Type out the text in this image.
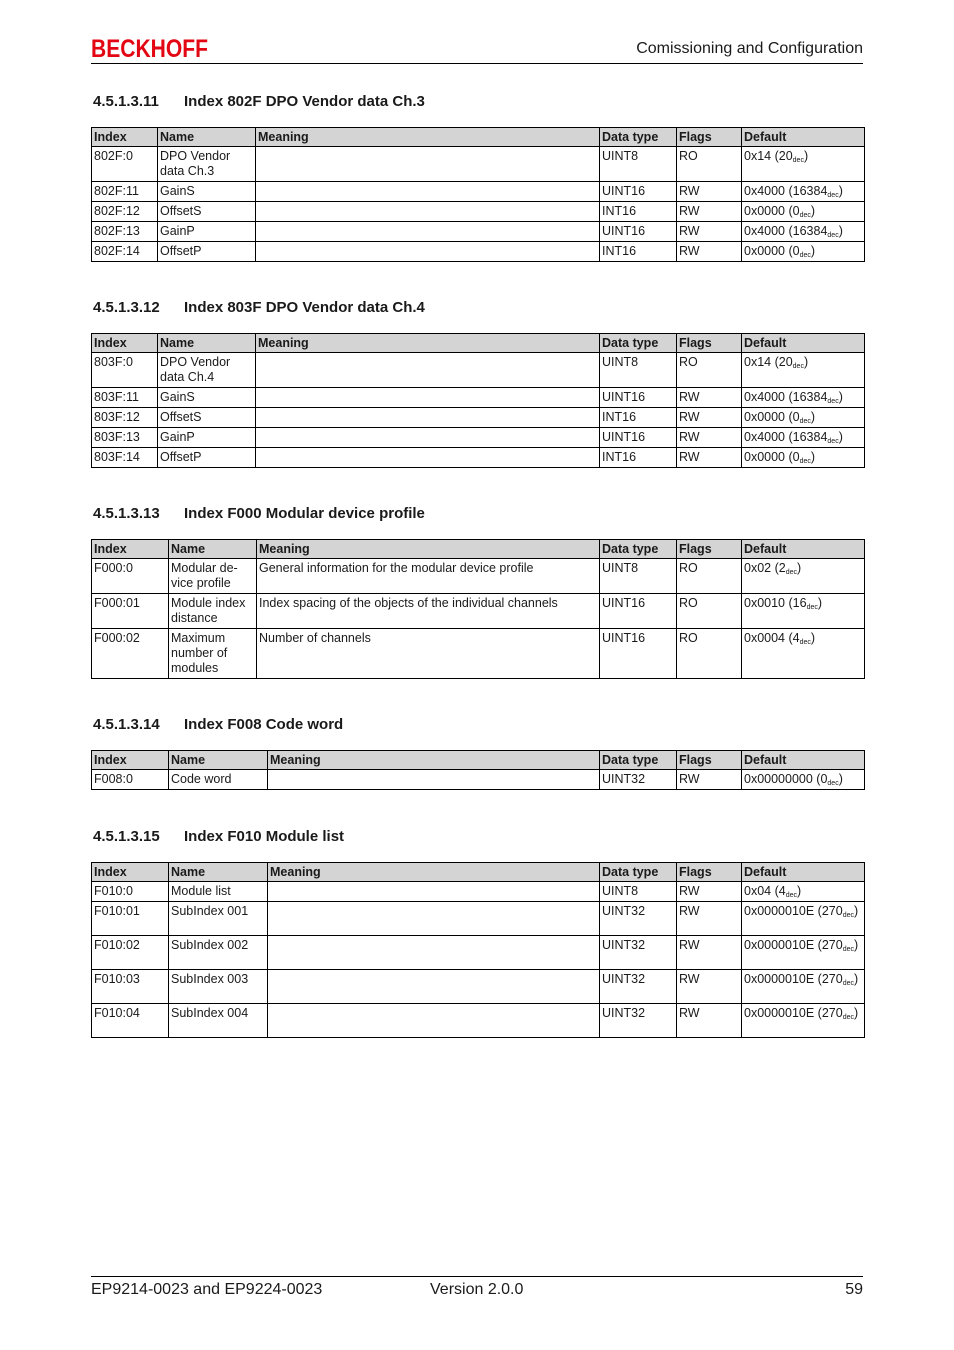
BECKHOFF	Comissioning and Configuration
4.5.1.3.11 Index 802F DPO Vendor data Ch.3
Index	Name	Meaning	Data type	Flags	Default
802F:0	DPO Vendor data Ch.3		UINT8	RO	0x14 $(20_{dec})$
802F:11	GainS		UINT16	RW	0x4000 $(16384_{dec})$
802F:12	OffsetS		INT16	RW	0x0000 $(0_{dec})$
802F:13	GainP		UINT16	RW	0x4000 $(16384_{dec})$
802F:14	OffsetP		INT16	RW	0x0000 $(0_{dec})$
4.5.1.3.12 Index 803F DPO Vendor data Ch.4
Index	Name	Meaning	Data type	Flags	Default
803F:0	DPO Vendor data Ch.4		UINT8	RO	0x14 $(20_{dec})$
803F:11	GainS		UINT16	RW	0x4000 $(16384_{dec})$
803F:12	OffsetS		INT16	RW	0x0000 $(0_{dec})$
803F:13	GainP		UINT16	RW	0x4000 $(16384_{dec})$
803F:14	OffsetP		INT16	RW	0x0000 $(0_{dec})$
4.5.1.3.13 Index F000 Modular device profile
Index	Name	Meaning	Data type	Flags	Default
F000:0	Modular de-vice profile	General information for the modular device profile	UINT8	RO	0x02 $(2_{dec})$
F000:01	Module index distance	Index spacing of the objects of the individual channels	UINT16	RO	0x0010 $(16_{dec})$
F000:02	Maximum number of modules	Number of channels	UINT16	RO	0x0004 $(4_{dec})$
4.5.1.3.14 Index F008 Code word
Index	Name	Meaning	Data type	Flags	Default
F008:0	Code word		UINT32	RW	0x00000000 $(0_{dec})$
4.5.1.3.15 Index F010 Module list
Index	Name	Meaning	Data type	Flags	Default
F010:0	Module list		UINT8	RW	0x04 $(4_{dec})$
F010:01	SubIndex 001		UINT32	RW	0x0000010E $(270_{dec})$
F010:02	SubIndex 002		UINT32	RW	0x0000010E $(270_{dec})$
F010:03	SubIndex 003		UINT32	RW	0x0000010E $(270_{dec})$
F010:04	SubIndex 004		UINT32	RW	0x0000010E $(270_{dec})$
EP9214-0023 and EP9224-0023	Version 2.0.0	59
